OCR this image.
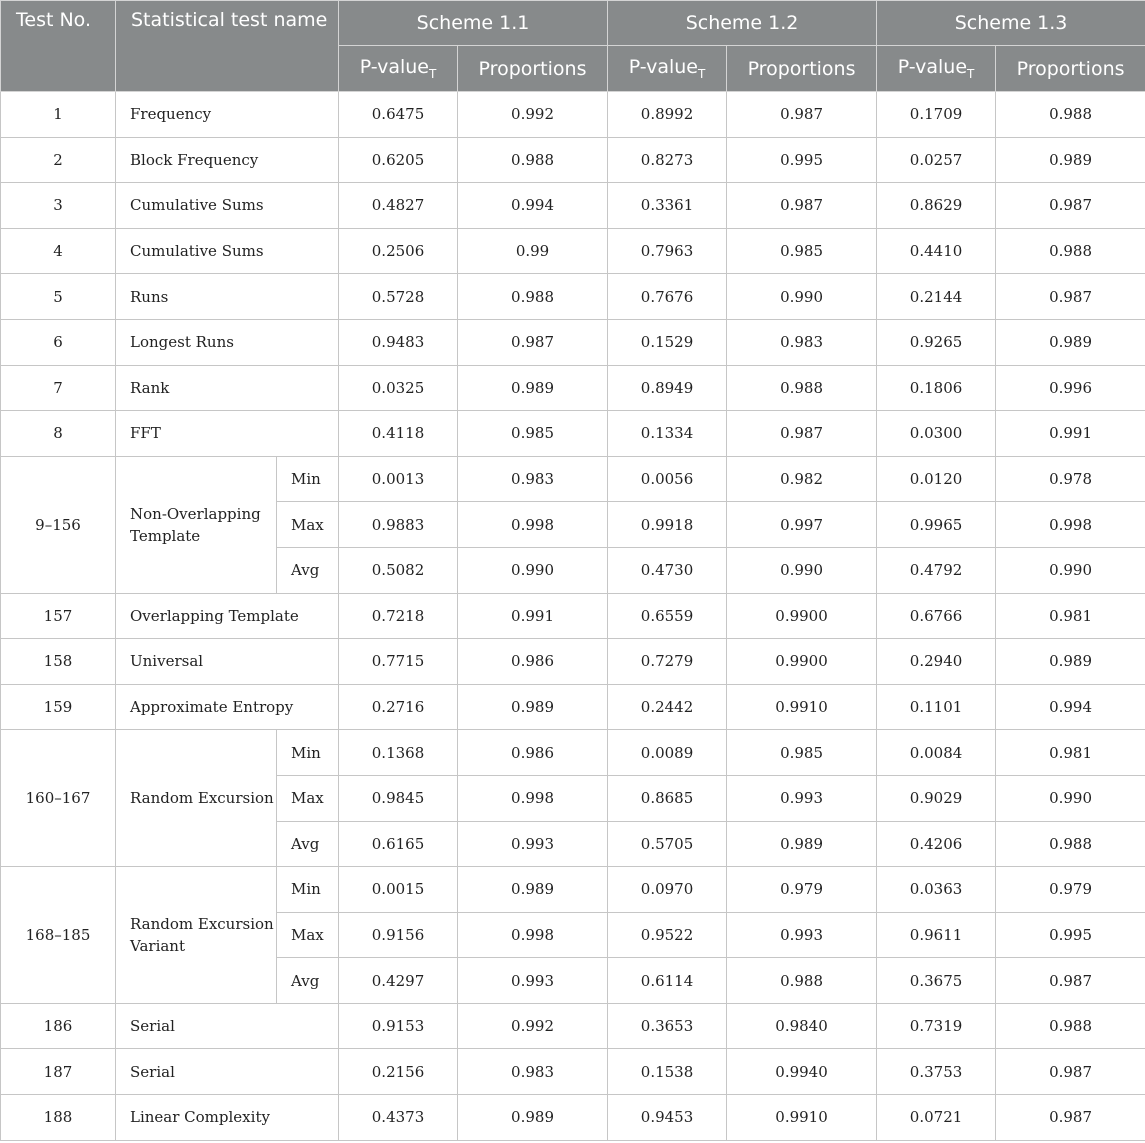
Test No.	Statistical test name		Scheme 1.1		Scheme 1.2		Scheme 1.3	
			P-value$_T$	Proportions	P-value$_T$	Proportions	P-value$_T$	Proportions
1	Frequency		0.6475	0.992	0.8992	0.987	0.1709	0.988
2	Block Frequency		0.6205	0.988	0.8273	0.995	0.0257	0.989
3	Cumulative Sums		0.4827	0.994	0.3361	0.987	0.8629	0.987
4	Cumulative Sums		0.2506	0.99	0.7963	0.985	0.4410	0.988
5	Runs		0.5728	0.988	0.7676	0.990	0.2144	0.987
6	Longest Runs		0.9483	0.987	0.1529	0.983	0.9265	0.989
7	Rank		0.0325	0.989	0.8949	0.988	0.1806	0.996
8	FFT		0.4118	0.985	0.1334	0.987	0.0300	0.991
9–156	Non-Overlapping Template	Min	0.0013	0.983	0.0056	0.982	0.0120	0.978
		Max	0.9883	0.998	0.9918	0.997	0.9965	0.998
		Avg	0.5082	0.990	0.4730	0.990	0.4792	0.990
157	Overlapping Template		0.7218	0.991	0.6559	0.9900	0.6766	0.981
158	Universal		0.7715	0.986	0.7279	0.9900	0.2940	0.989
159	Approximate Entropy		0.2716	0.989	0.2442	0.9910	0.1101	0.994
160–167	Random Excursion	Min	0.1368	0.986	0.0089	0.985	0.0084	0.981
		Max	0.9845	0.998	0.8685	0.993	0.9029	0.990
		Avg	0.6165	0.993	0.5705	0.989	0.4206	0.988
168–185	Random Excursion Variant	Min	0.0015	0.989	0.0970	0.979	0.0363	0.979
		Max	0.9156	0.998	0.9522	0.993	0.9611	0.995
		Avg	0.4297	0.993	0.6114	0.988	0.3675	0.987
186	Serial		0.9153	0.992	0.3653	0.9840	0.7319	0.988
187	Serial		0.2156	0.983	0.1538	0.9940	0.3753	0.987
188	Linear Complexity		0.4373	0.989	0.9453	0.9910	0.0721	0.987
